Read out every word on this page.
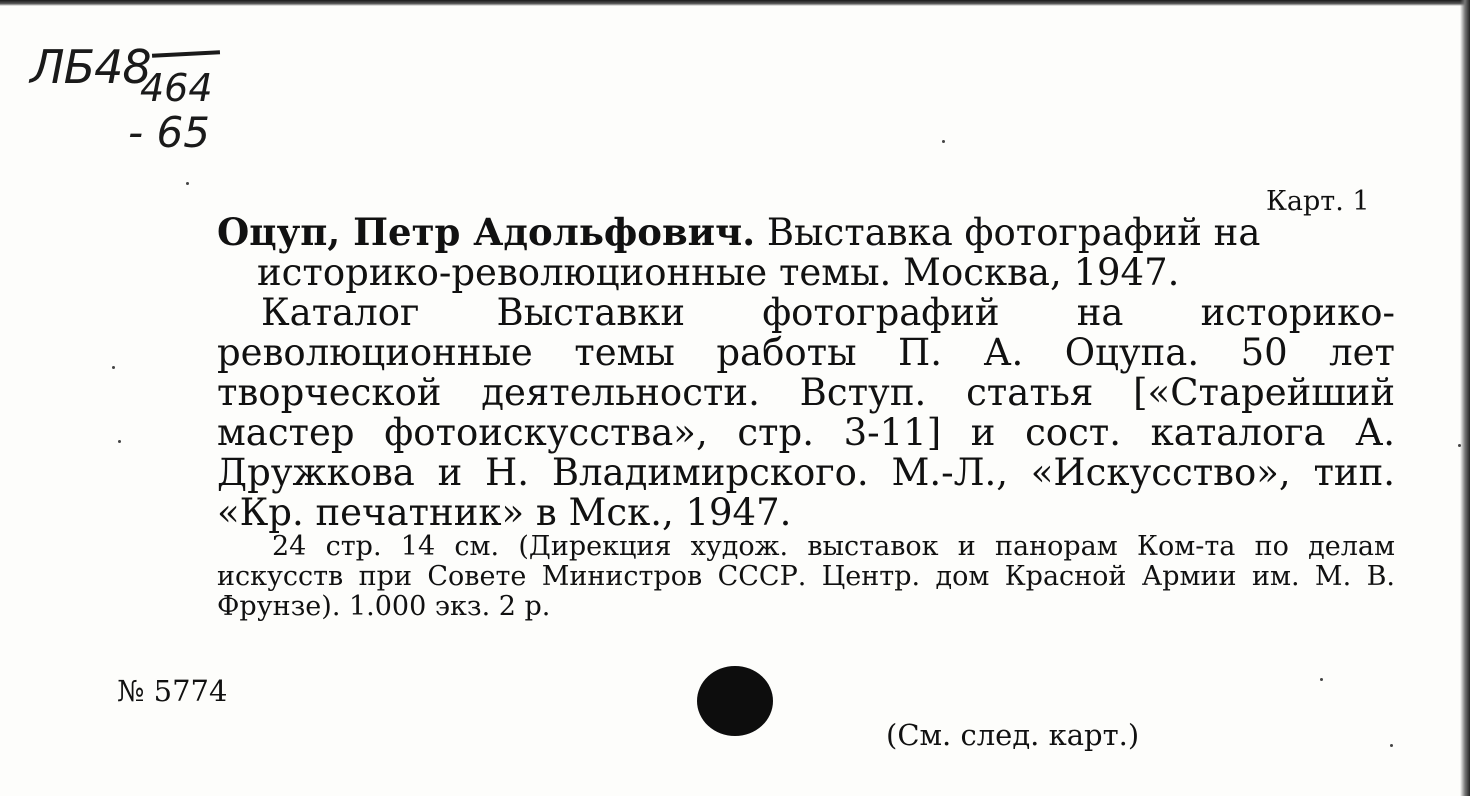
ЛБ48
464
- 65
Карт. 1

Оцуп, Петр Адольфович. Выставка фотографий на историко-революционные темы. Москва, 1947.

Каталог Выставки фотографий на историко-революционные темы работы П. А. Оцупа. 50 лет творческой деятельности. Вступ. статья [«Старейший мастер фотоискусства», стр. 3-11] и сост. каталога А. Дружкова и Н. Владимирского. М.-Л., «Искусство», тип. «Кр. печатник» в Мск., 1947.

24 стр. 14 см. (Дирекция худож. выставок и панорам Ком-та по делам искусств при Совете Министров СССР. Центр. дом Красной Армии им. М. В. Фрунзе). 1.000 экз. 2 р.
№ 5774
(См. след. карт.)
